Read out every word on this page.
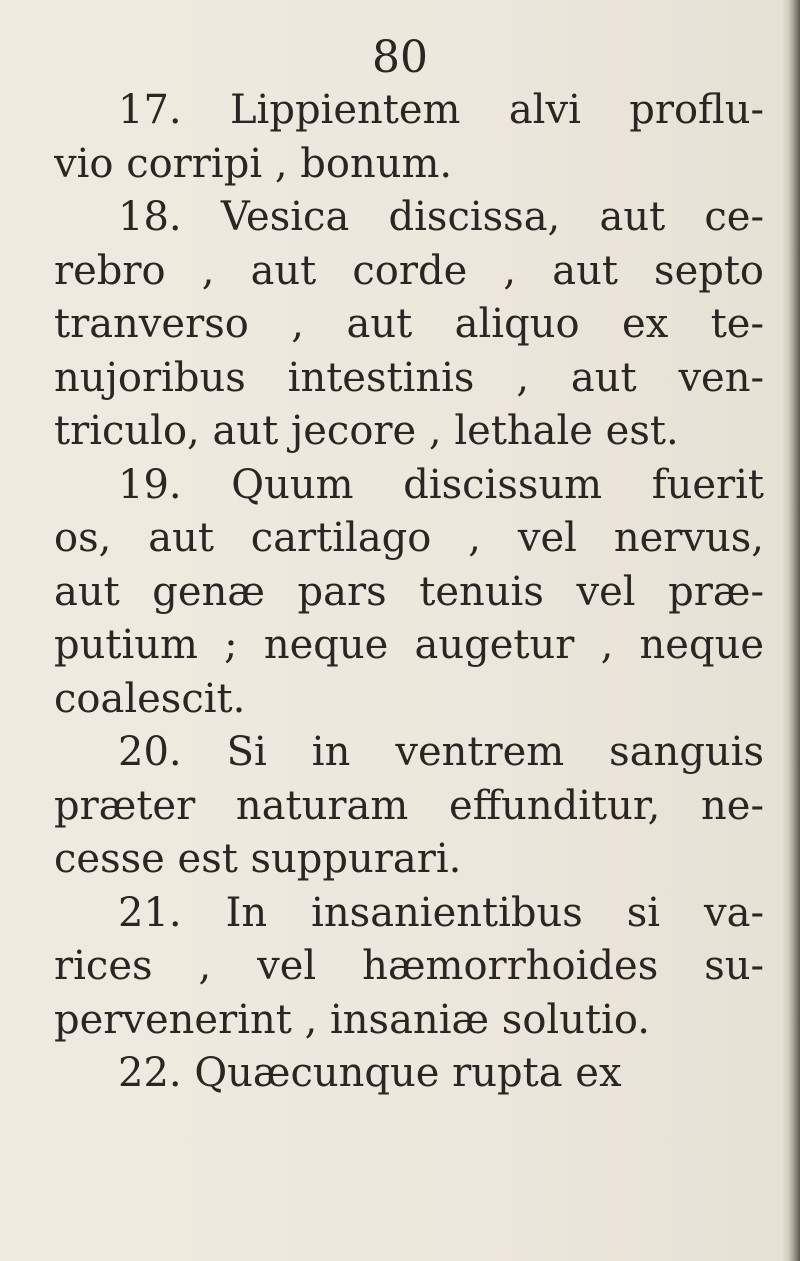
80
17. Lippientem alvi proflu-
vio corripi , bonum.
18. Vesica discissa, aut ce-
rebro , aut corde , aut septo
tranverso , aut aliquo ex te-
nujoribus intestinis , aut ven-
triculo, aut jecore , lethale est.
19. Quum discissum fuerit
os, aut cartilago , vel nervus,
aut genæ pars tenuis vel præ-
putium ; neque augetur , neque
coalescit.
20. Si in ventrem sanguis
præter naturam effunditur, ne-
cesse est suppurari.
21. In insanientibus si va-
rices , vel hæmorrhoides su-
pervenerint , insaniæ solutio.
22. Quæcunque rupta ex
